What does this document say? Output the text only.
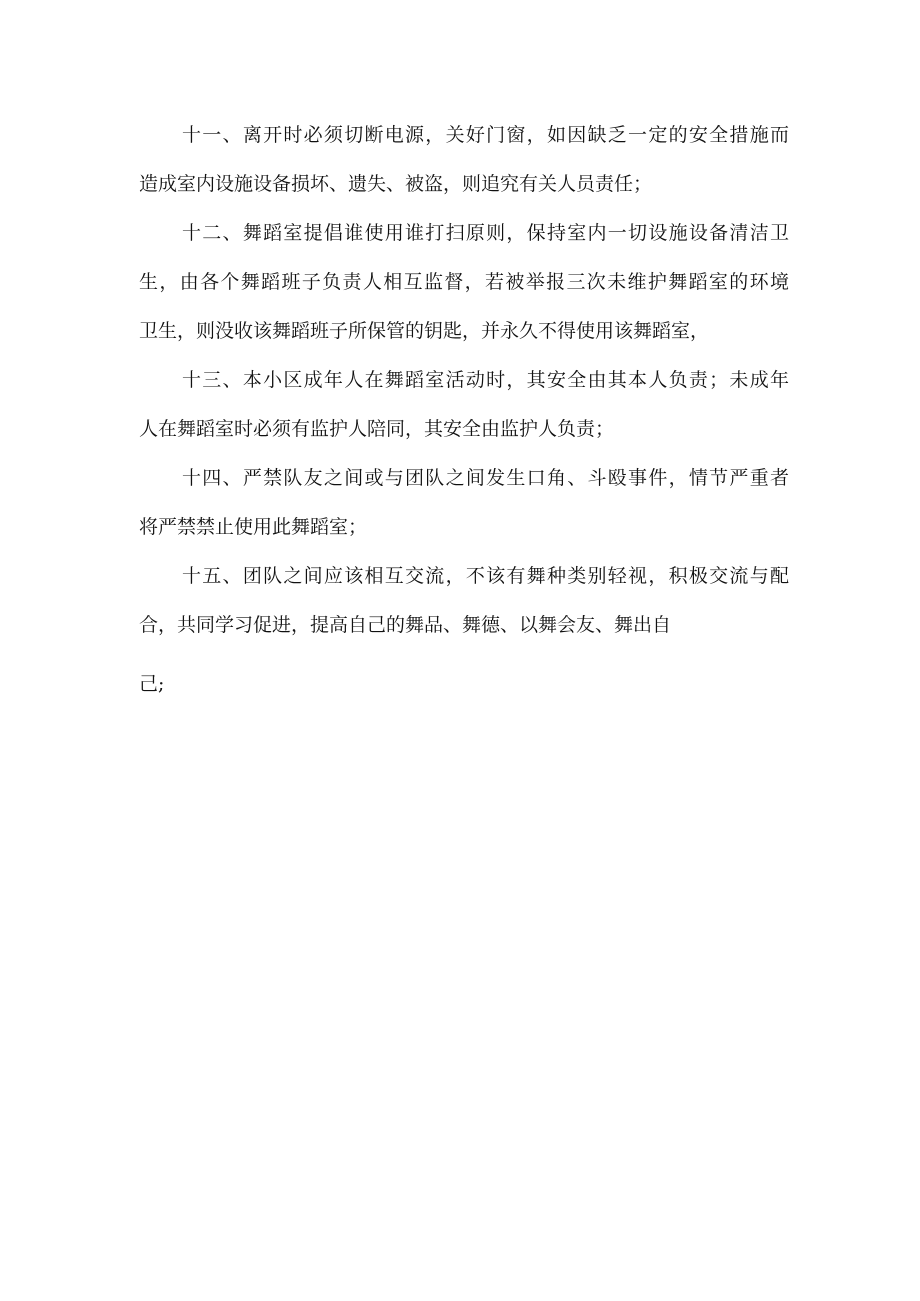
十一、离开时必须切断电源，关好门窗，如因缺乏一定的安全措施而
造成室内设施设备损坏、遗失、被盗，则追究有关人员责任；
十二、舞蹈室提倡谁使用谁打扫原则，保持室内一切设施设备清洁卫
生，由各个舞蹈班子负责人相互监督，若被举报三次未维护舞蹈室的环境
卫生，则没收该舞蹈班子所保管的钥匙，并永久不得使用该舞蹈室，
十三、本小区成年人在舞蹈室活动时，其安全由其本人负责；未成年
人在舞蹈室时必须有监护人陪同，其安全由监护人负责；
十四、严禁队友之间或与团队之间发生口角、斗殴事件，情节严重者
将严禁禁止使用此舞蹈室；
十五、团队之间应该相互交流，不该有舞种类别轻视，积极交流与配
合，共同学习促进，提高自己的舞品、舞德、以舞会友、舞出自
己;
